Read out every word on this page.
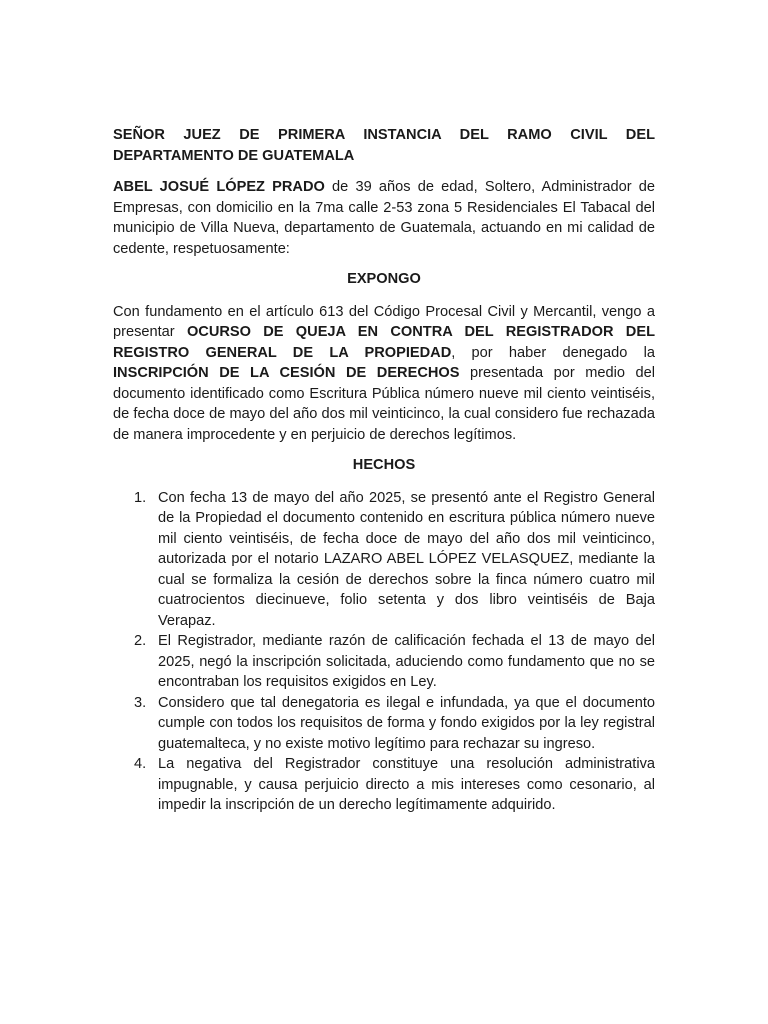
SEÑOR JUEZ DE PRIMERA INSTANCIA DEL RAMO CIVIL DEL
DEPARTAMENTO DE GUATEMALA

ABEL JOSUÉ LÓPEZ PRADO de 39 años de edad, Soltero, Administrador de Empresas, con domicilio en la 7ma calle 2-53 zona 5 Residenciales El Tabacal del municipio de Villa Nueva, departamento de Guatemala, actuando en mi calidad de cedente, respetuosamente:

EXPONGO

Con fundamento en el artículo 613 del Código Procesal Civil y Mercantil, vengo a presentar OCURSO DE QUEJA EN CONTRA DEL REGISTRADOR DEL REGISTRO GENERAL DE LA PROPIEDAD, por haber denegado la INSCRIPCIÓN DE LA CESIÓN DE DERECHOS presentada por medio del documento identificado como Escritura Pública número nueve mil ciento veintiséis, de fecha doce de mayo del año dos mil veinticinco, la cual considero fue rechazada de manera improcedente y en perjuicio de derechos legítimos.

HECHOS
1. Con fecha 13 de mayo del año 2025, se presentó ante el Registro General de la Propiedad el documento contenido en escritura pública número nueve mil ciento veintiséis, de fecha doce de mayo del año dos mil veinticinco, autorizada por el notario LAZARO ABEL LÓPEZ VELASQUEZ, mediante la cual se formaliza la cesión de derechos sobre la finca número cuatro mil cuatrocientos diecinueve, folio setenta y dos libro veintiséis de Baja Verapaz.
2. El Registrador, mediante razón de calificación fechada el 13 de mayo del 2025, negó la inscripción solicitada, aduciendo como fundamento que no se encontraban los requisitos exigidos en Ley.
3. Considero que tal denegatoria es ilegal e infundada, ya que el documento cumple con todos los requisitos de forma y fondo exigidos por la ley registral guatemalteca, y no existe motivo legítimo para rechazar su ingreso.
4. La negativa del Registrador constituye una resolución administrativa impugnable, y causa perjuicio directo a mis intereses como cesonario, al impedir la inscripción de un derecho legítimamente adquirido.
